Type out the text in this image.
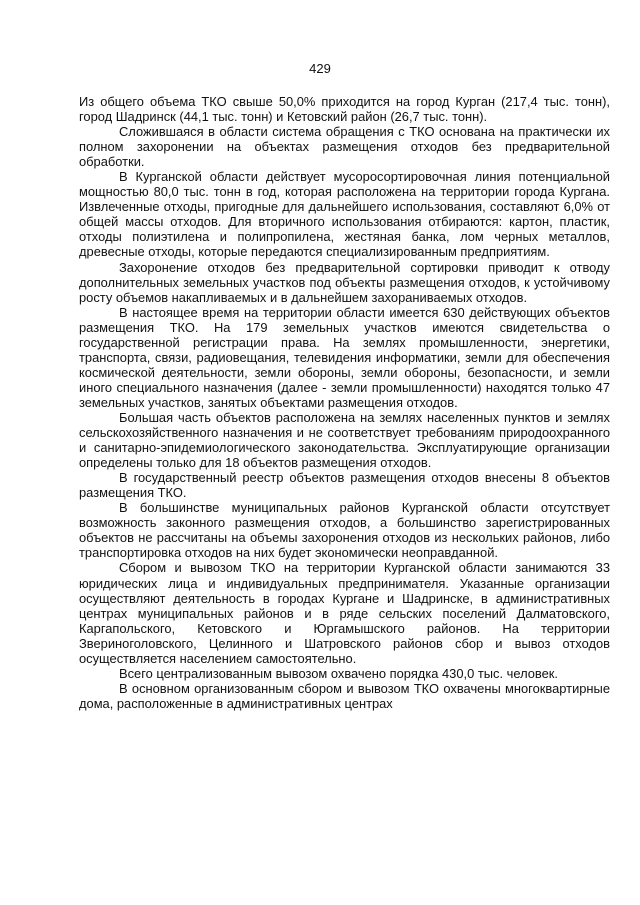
429

Из общего объема ТКО свыше 50,0% приходится на город Курган (217,4 тыс. тонн), город Шадринск (44,1 тыс. тонн) и Кетовский район (26,7 тыс. тонн).

Сложившаяся в области система обращения с ТКО основана на практически их полном захоронении на объектах размещения отходов без предварительной обработки.

В Курганской области действует мусоросортировочная линия потенциальной мощностью 80,0 тыс. тонн в год, которая расположена на территории города Кургана. Извлеченные отходы, пригодные для дальнейшего использования, составляют 6,0% от общей массы отходов. Для вторичного использования отбираются: картон, пластик, отходы полиэтилена и полипропилена, жестяная банка, лом черных металлов, древесные отходы, которые передаются специализированным предприятиям.

Захоронение отходов без предварительной сортировки приводит к отводу дополнительных земельных участков под объекты размещения отходов, к устойчивому росту объемов накапливаемых и в дальнейшем захораниваемых отходов.

В настоящее время на территории области имеется 630 действующих объектов размещения ТКО. На 179 земельных участков имеются свидетельства о государственной регистрации права. На землях промышленности, энергетики, транспорта, связи, радиовещания, телевидения информатики, земли для обеспечения космической деятельности, земли обороны, земли обороны, безопасности, и земли иного специального назначения (далее - земли промышленности) находятся только 47 земельных участков, занятых объектами размещения отходов.

Большая часть объектов расположена на землях населенных пунктов и землях сельскохозяйственного назначения и не соответствует требованиям природоохранного и санитарно-эпидемиологического законодательства. Эксплуатирующие организации определены только для 18 объектов размещения отходов.

В государственный реестр объектов размещения отходов внесены 8 объектов размещения ТКО.

В большинстве муниципальных районов Курганской области отсутствует возможность законного размещения отходов, а большинство зарегистрированных объектов не рассчитаны на объемы захоронения отходов из нескольких районов, либо транспортировка отходов на них будет экономически неоправданной.

Сбором и вывозом ТКО на территории Курганской области занимаются 33 юридических лица и индивидуальных предпринимателя. Указанные организации осуществляют деятельность в городах Кургане и Шадринске, в административных центрах муниципальных районов и в ряде сельских поселений Далматовского, Каргапольского, Кетовского и Юргамышского районов. На территории Звериноголовского, Целинного и Шатровского районов сбор и вывоз отходов осуществляется населением самостоятельно.

Всего централизованным вывозом охвачено порядка 430,0 тыс. человек.

В основном организованным сбором и вывозом ТКО охвачены многоквартирные дома, расположенные в административных центрах
